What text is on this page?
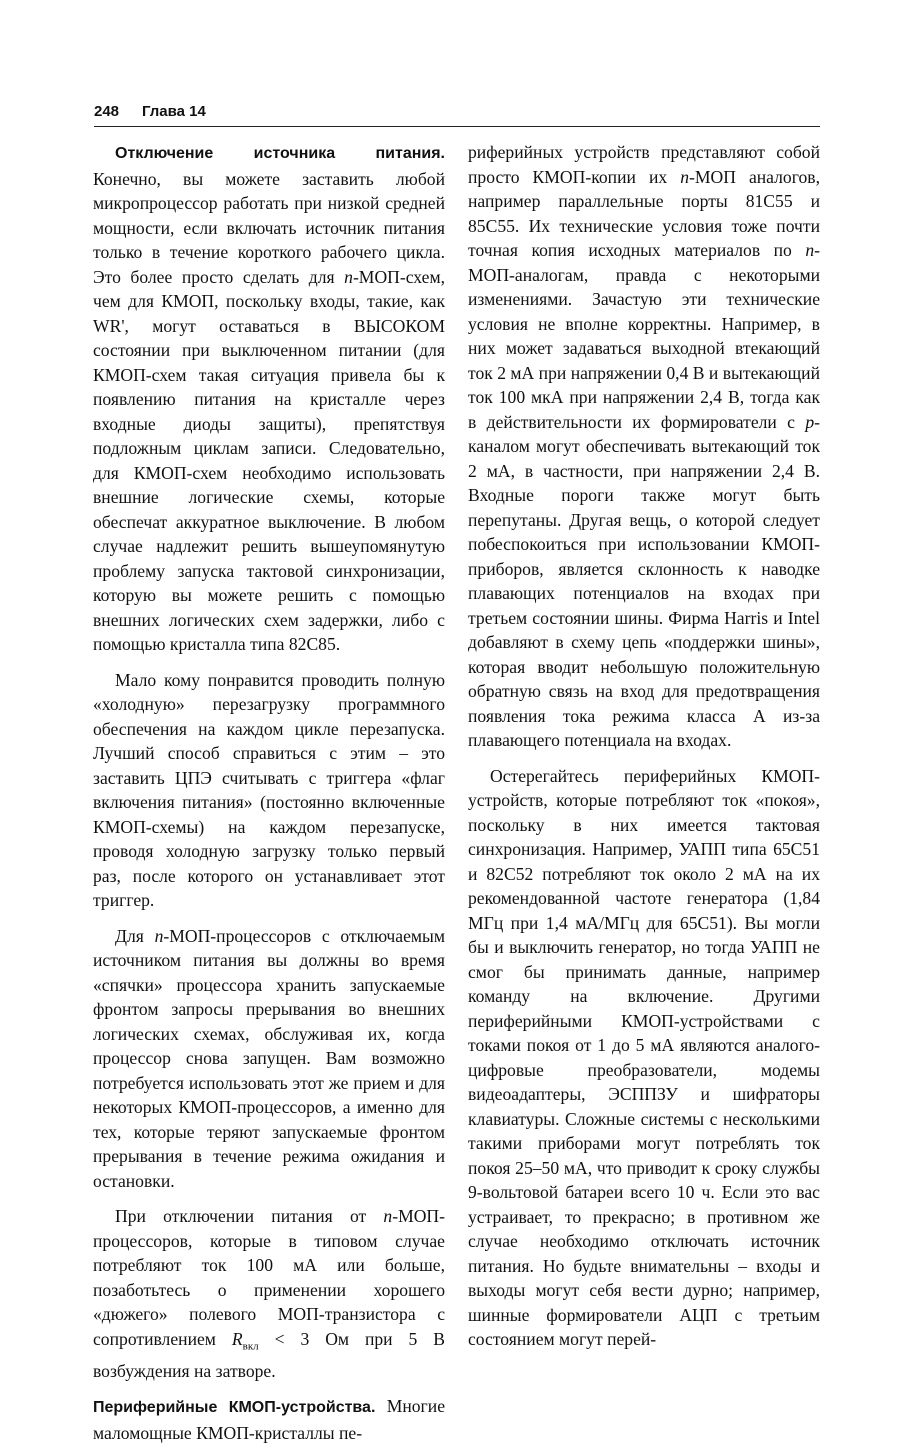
248 Глава 14

Отключение источника питания. Конечно, вы можете заставить любой микропроцессор работать при низкой средней мощности, если включать источник питания только в течение короткого рабочего цикла. Это более просто сделать для n-МОП-схем, чем для КМОП, поскольку входы, такие, как WR', могут оставаться в ВЫСОКОМ состоянии при выключенном питании (для КМОП-схем такая ситуация привела бы к появлению питания на кристалле через входные диоды защиты), препятствуя подложным циклам записи. Следовательно, для КМОП-схем необходимо использовать внешние логические схемы, которые обеспечат аккуратное выключение. В любом случае надлежит решить вышеупомянутую проблему запуска тактовой синхронизации, которую вы можете решить с помощью внешних логических схем задержки, либо с помощью кристалла типа 82С85.

Мало кому понравится проводить полную «холодную» перезагрузку программного обеспечения на каждом цикле перезапуска. Лучший способ справиться с этим – это заставить ЦПЭ считывать с триггера «флаг включения питания» (постоянно включенные КМОП-схемы) на каждом перезапуске, проводя холодную загрузку только первый раз, после которого он устанавливает этот триггер.

Для n-МОП-процессоров с отключаемым источником питания вы должны во время «спячки» процессора хранить запускаемые фронтом запросы прерывания во внешних логических схемах, обслуживая их, когда процессор снова запущен. Вам возможно потребуется использовать этот же прием и для некоторых КМОП-процессоров, а именно для тех, которые теряют запускаемые фронтом прерывания в течение режима ожидания и остановки.

При отключении питания от n-МОП-процессоров, которые в типовом случае потребляют ток 100 мА или больше, позаботьтесь о применении хорошего «дюжего» полевого МОП-транзистора с сопротивлением $R_{вкл} < 3$ Ом при 5 В возбуждения на затворе.

Периферийные КМОП-устройства. Многие маломощные КМОП-кристаллы пе-

риферийных устройств представляют собой просто КМОП-копии их n-МОП аналогов, например параллельные порты 81С55 и 85С55. Их технические условия тоже почти точная копия исходных материалов по n-МОП-аналогам, правда с некоторыми изменениями. Зачастую эти технические условия не вполне корректны. Например, в них может задаваться выходной втекающий ток 2 мА при напряжении 0,4 В и вытекающий ток 100 мкА при напряжении 2,4 В, тогда как в действительности их формирователи с p-каналом могут обеспечивать вытекающий ток 2 мА, в частности, при напряжении 2,4 В. Входные пороги также могут быть перепутаны. Другая вещь, о которой следует побеспокоиться при использовании КМОП-приборов, является склонность к наводке плавающих потенциалов на входах при третьем состоянии шины. Фирма Harris и Intel добавляют в схему цепь «поддержки шины», которая вводит небольшую положительную обратную связь на вход для предотвращения появления тока режима класса А из-за плавающего потенциала на входах.

Остерегайтесь периферийных КМОП-устройств, которые потребляют ток «покоя», поскольку в них имеется тактовая синхронизация. Например, УАПП типа 65С51 и 82С52 потребляют ток около 2 мА на их рекомендованной частоте генератора (1,84 МГц при 1,4 мА/МГц для 65С51). Вы могли бы и выключить генератор, но тогда УАПП не смог бы принимать данные, например команду на включение. Другими периферийными КМОП-устройствами с токами покоя от 1 до 5 мА являются аналого-цифровые преобразователи, модемы видеоадаптеры, ЭСППЗУ и шифраторы клавиатуры. Сложные системы с несколькими такими приборами могут потреблять ток покоя 25–50 мА, что приводит к сроку службы 9-вольтовой батареи всего 10 ч. Если это вас устраивает, то прекрасно; в противном же случае необходимо отключать источник питания. Но будьте внимательны – входы и выходы могут себя вести дурно; например, шинные формирователи АЦП с третьим состоянием могут перей-
